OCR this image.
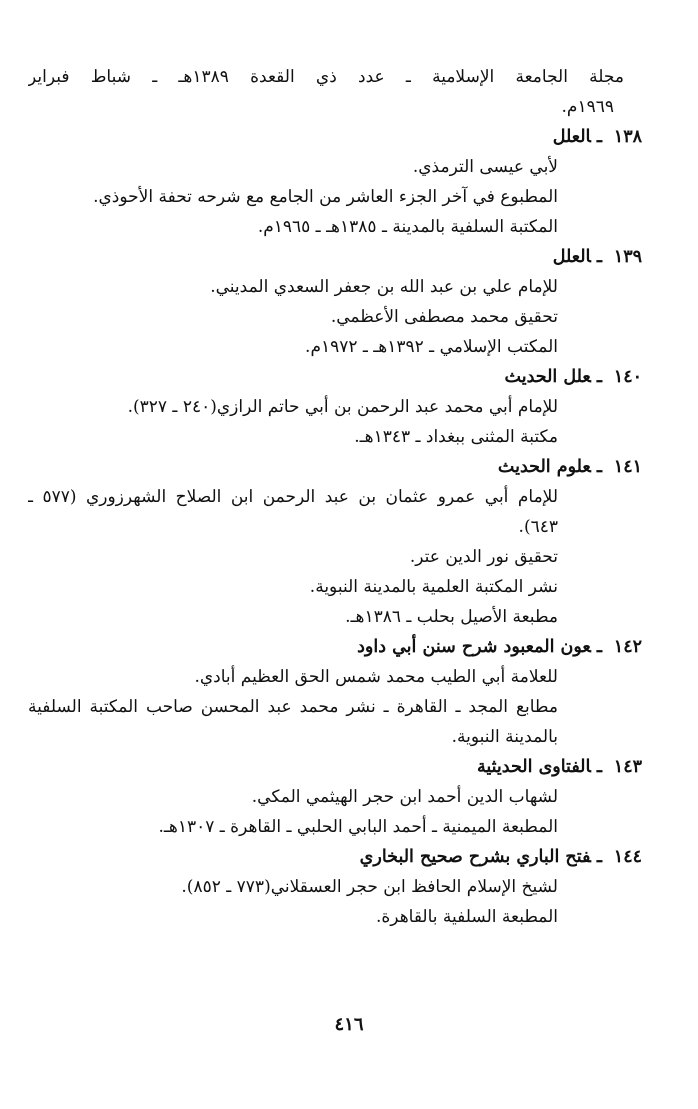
مجلة الجامعة الإسلامية ـ عدد ذي القعدة ١٣٨٩هـ ـ شباط فبراير
١٩٦٩م.
١٣٨ـالعلل
لأبي عيسى الترمذي.
المطبوع في آخر الجزء العاشر من الجامع مع شرحه تحفة الأحوذي.
المكتبة السلفية بالمدينة ـ ١٣٨٥هـ ـ ١٩٦٥م.
١٣٩ـالعلل
للإمام علي بن عبد الله بن جعفر السعدي المديني.
تحقيق محمد مصطفى الأعظمي.
المكتب الإسلامي ـ ١٣٩٢هـ ـ ١٩٧٢م.
١٤٠ـعلل الحديث
للإمام أبي محمد عبد الرحمن بن أبي حاتم الرازي(٢٤٠ ـ ٣٢٧).
مكتبة المثنى ببغداد ـ ١٣٤٣هـ.
١٤١ـعلوم الحديث
للإمام أبي عمرو عثمان بن عبد الرحمن ابن الصلاح الشهرزوري (٥٧٧ ـ
٦٤٣).
تحقيق نور الدين عتر.
نشر المكتبة العلمية بالمدينة النبوية.
مطبعة الأصيل بحلب ـ ١٣٨٦هـ.
١٤٢ـعون المعبود شرح سنن أبي داود
للعلامة أبي الطيب محمد شمس الحق العظيم أبادي.
مطابع المجد ـ القاهرة ـ نشر محمد عبد المحسن صاحب المكتبة السلفية
بالمدينة النبوية.
١٤٣ـالفتاوى الحديثية
لشهاب الدين أحمد ابن حجر الهيثمي المكي.
المطبعة الميمنية ـ أحمد البابي الحلبي ـ القاهرة ـ ١٣٠٧هـ.
١٤٤ـفتح الباري بشرح صحيح البخاري
لشيخ الإسلام الحافظ ابن حجر العسقلاني(٧٧٣ ـ ٨٥٢).
المطبعة السلفية بالقاهرة.
٤١٦
